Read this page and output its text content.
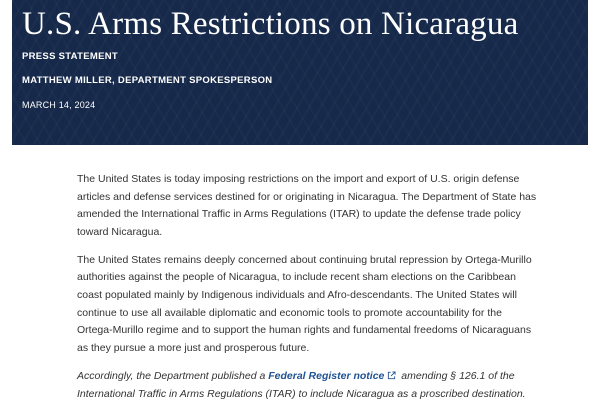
U.S. Arms Restrictions on Nicaragua
PRESS STATEMENT
MATTHEW MILLER, DEPARTMENT SPOKESPERSON
MARCH 14, 2024

The United States is today imposing restrictions on the import and export of U.S. origin defense articles and defense services destined for or originating in Nicaragua. The Department of State has amended the International Traffic in Arms Regulations (ITAR) to update the defense trade policy toward Nicaragua.

The United States remains deeply concerned about continuing brutal repression by Ortega-Murillo authorities against the people of Nicaragua, to include recent sham elections on the Caribbean coast populated mainly by Indigenous individuals and Afro-descendants. The United States will continue to use all available diplomatic and economic tools to promote accountability for the Ortega-Murillo regime and to support the human rights and fundamental freedoms of Nicaraguans as they pursue a more just and prosperous future.

Accordingly, the Department published a Federal Register notice amending § 126.1 of the International Traffic in Arms Regulations (ITAR) to include Nicaragua as a proscribed destination.
